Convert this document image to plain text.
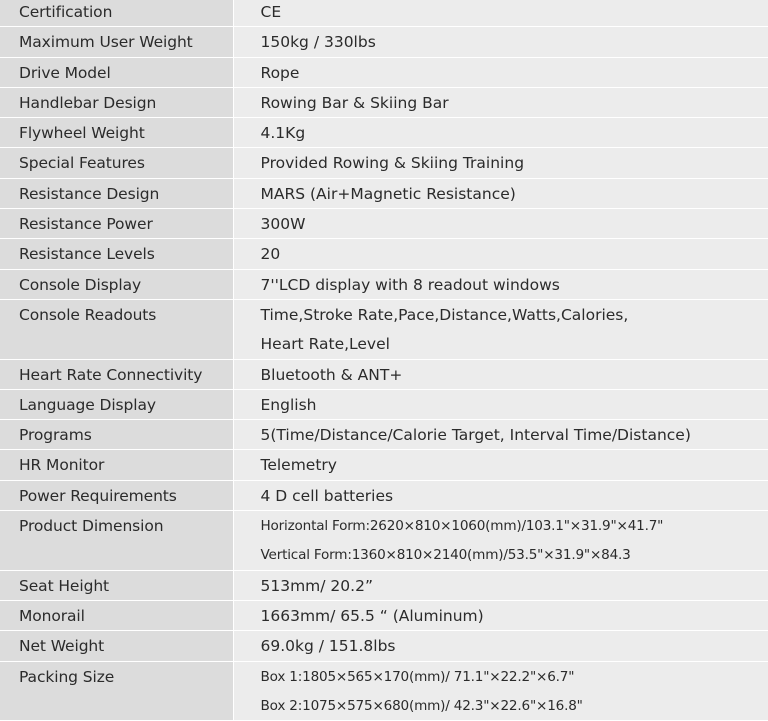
Certification	CE

Maximum User Weight	150kg / 330lbs

Drive Model	Rope

Handlebar Design	Rowing Bar & Skiing Bar

Flywheel Weight	4.1Kg

Special Features	Provided Rowing & Skiing Training

Resistance Design	MARS (Air+Magnetic Resistance)

Resistance Power	300W

Resistance Levels	20

Console Display	7''LCD display with 8 readout windows

Console Readouts	Time,Stroke Rate,Pace,Distance,Watts,Calories,
Heart Rate,Level

Heart Rate Connectivity	Bluetooth & ANT+

Language Display	English

Programs	5(Time/Distance/Calorie Target, Interval Time/Distance)

HR Monitor	Telemetry

Power Requirements	4 D cell batteries

Product Dimension	Horizontal Form:2620×810×1060(mm)/103.1"×31.9"×41.7"
Vertical Form:1360×810×2140(mm)/53.5"×31.9"×84.3

Seat Height	513mm/ 20.2”

Monorail	1663mm/ 65.5 “ (Aluminum)

Net Weight	69.0kg / 151.8lbs

Packing Size	Box 1:1805×565×170(mm)/ 71.1"×22.2"×6.7"
Box 2:1075×575×680(mm)/ 42.3"×22.6"×16.8"
